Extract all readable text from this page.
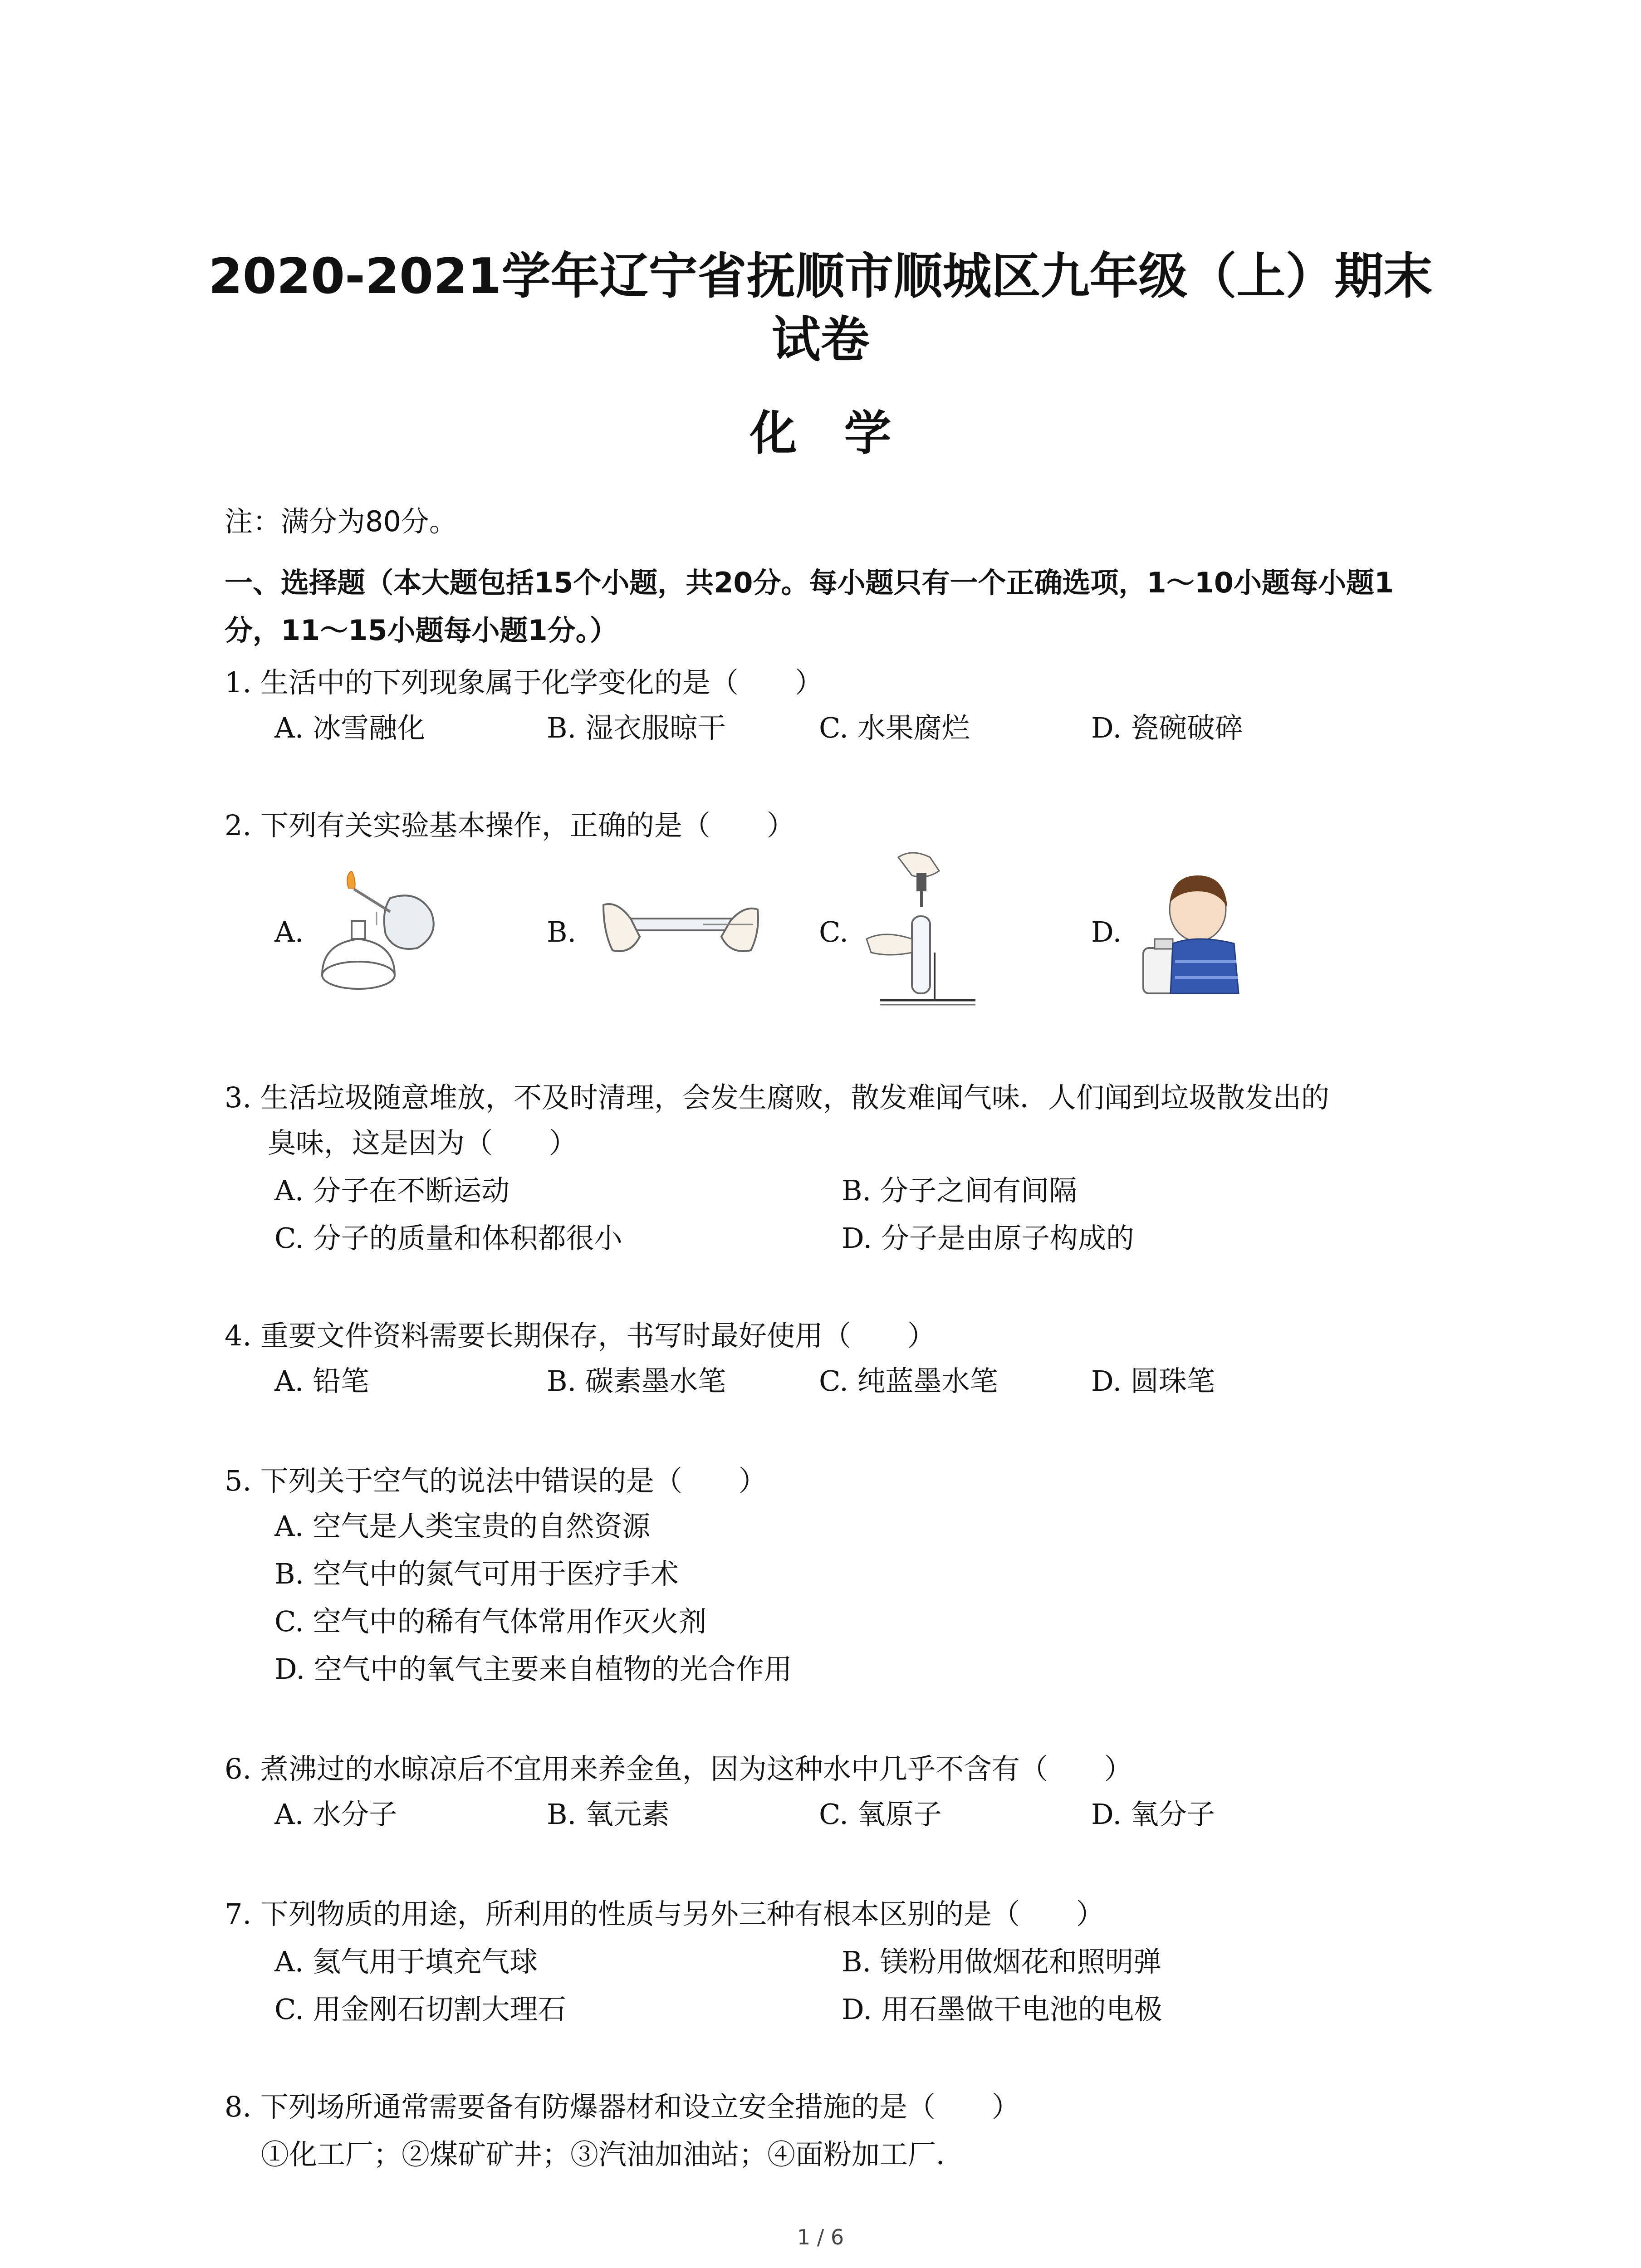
2020-2021学年辽宁省抚顺市顺城区九年级（上）期末
试卷
化　学
注：满分为80分。
一、选择题（本大题包括15个小题，共20分。每小题只有一个正确选项，1～10小题每小题1
分，11～15小题每小题1分。）
1. 生活中的下列现象属于化学变化的是（　　）
A. 冰雪融化	B. 湿衣服晾干	C. 水果腐烂	D. 瓷碗破碎
2. 下列有关实验基本操作，正确的是（　　）
A.	B.	C.	D.
3. 生活垃圾随意堆放，不及时清理，会发生腐败，散发难闻气味．人们闻到垃圾散发出的
臭味，这是因为（　　）
A. 分子在不断运动	B. 分子之间有间隔
C. 分子的质量和体积都很小	D. 分子是由原子构成的
4. 重要文件资料需要长期保存，书写时最好使用（　　）
A. 铅笔	B. 碳素墨水笔	C. 纯蓝墨水笔	D. 圆珠笔
5. 下列关于空气的说法中错误的是（　　）
A. 空气是人类宝贵的自然资源
B. 空气中的氮气可用于医疗手术
C. 空气中的稀有气体常用作灭火剂
D. 空气中的氧气主要来自植物的光合作用
6. 煮沸过的水晾凉后不宜用来养金鱼，因为这种水中几乎不含有（　　）
A. 水分子	B. 氧元素	C. 氧原子	D. 氧分子
7. 下列物质的用途，所利用的性质与另外三种有根本区别的是（　　）
A. 氦气用于填充气球	B. 镁粉用做烟花和照明弹
C. 用金刚石切割大理石	D. 用石墨做干电池的电极
8. 下列场所通常需要备有防爆器材和设立安全措施的是（　　）
①化工厂；②煤矿矿井；③汽油加油站；④面粉加工厂．
1 / 6
